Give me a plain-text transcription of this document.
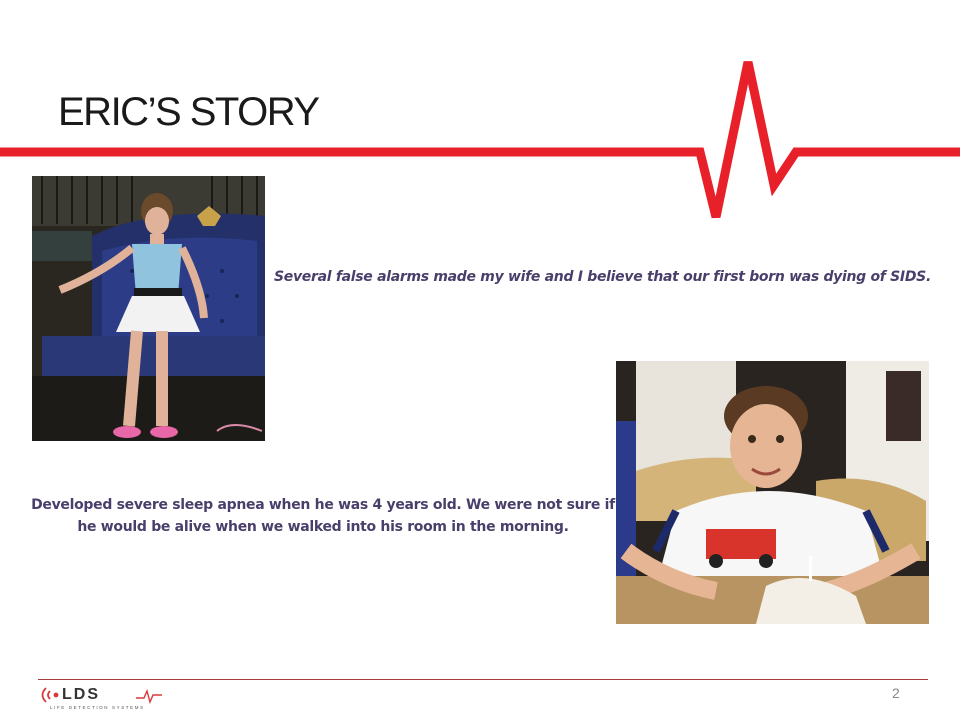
ERIC’S STORY
Several false alarms made my wife and I believe that our first born was dying of SIDS.
Developed severe sleep apnea when he was 4 years old. We were not sure if he would be alive when we walked into his room in the morning.
LDS
LIFE DETECTION SYSTEMS
2
